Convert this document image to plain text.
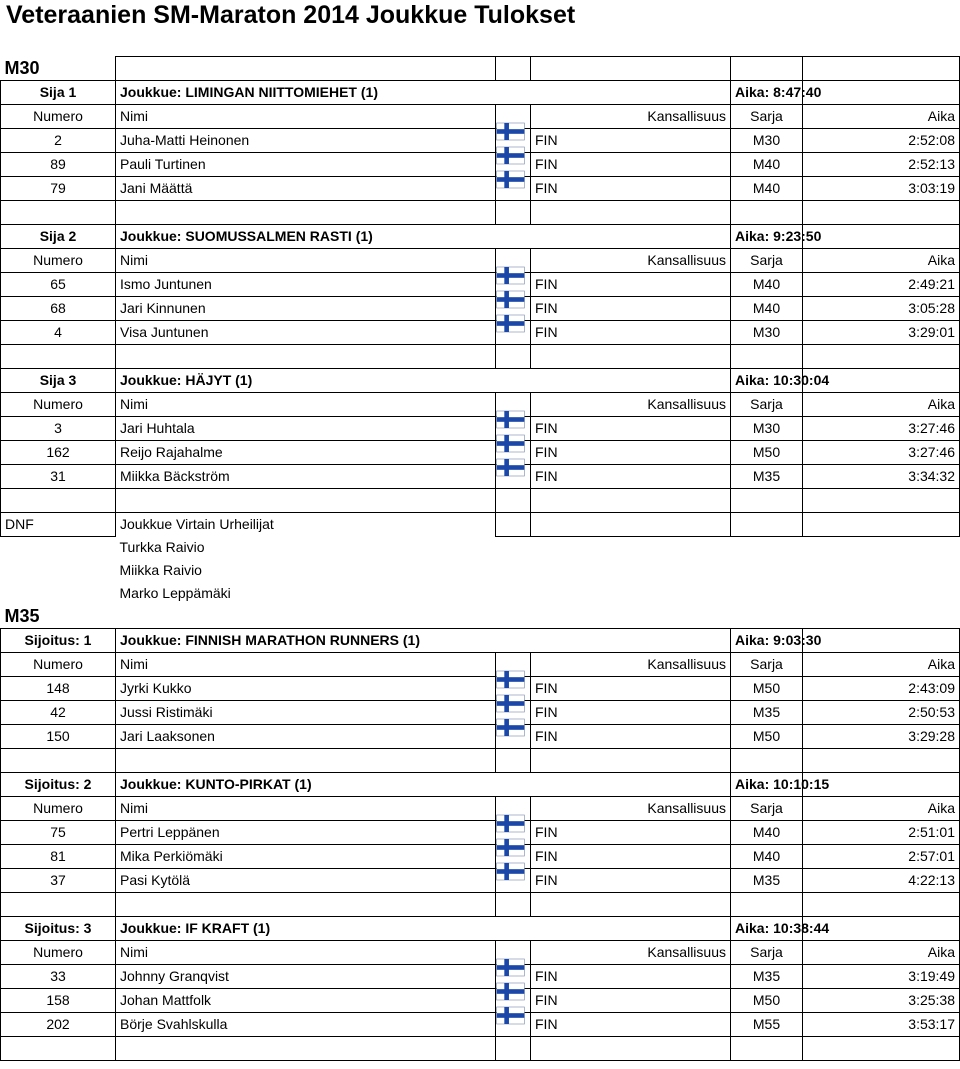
Veteraanien SM-Maraton 2014 Joukkue Tulokset
M30					
Sija 1	Joukkue: LIMINGAN NIITTOMIEHET (1)			Aika: 8:47:40	
Numero	Nimi		Kansallisuus	Sarja	Aika
2	Juha-Matti Heinonen		FIN	M30	2:52:08
89	Pauli Turtinen		FIN	M40	2:52:13
79	Jani Määttä		FIN	M40	3:03:19

Sija 2	Joukkue: SUOMUSSALMEN RASTI (1)			Aika: 9:23:50	
Numero	Nimi		Kansallisuus	Sarja	Aika
65	Ismo Juntunen		FIN	M40	2:49:21
68	Jari Kinnunen		FIN	M40	3:05:28
4	Visa Juntunen		FIN	M30	3:29:01

Sija 3	Joukkue: HÄJYT (1)			Aika: 10:30:04	
Numero	Nimi		Kansallisuus	Sarja	Aika
3	Jari Huhtala		FIN	M30	3:27:46
162	Reijo Rajahalme		FIN	M50	3:27:46
31	Miikka Bäckström		FIN	M35	3:34:32

DNF	Joukkue Virtain Urheilijat				
	Turkka Raivio				
	Miikka Raivio				
	Marko Leppämäki				
M35					
Sijoitus: 1	Joukkue: FINNISH MARATHON RUNNERS (1)			Aika: 9:03:30	
Numero	Nimi		Kansallisuus	Sarja	Aika
148	Jyrki Kukko		FIN	M50	2:43:09
42	Jussi Ristimäki		FIN	M35	2:50:53
150	Jari Laaksonen		FIN	M50	3:29:28

Sijoitus: 2	Joukkue: KUNTO-PIRKAT (1)			Aika: 10:10:15	
Numero	Nimi		Kansallisuus	Sarja	Aika
75	Pertri Leppänen		FIN	M40	2:51:01
81	Mika Perkiömäki		FIN	M40	2:57:01
37	Pasi Kytölä		FIN	M35	4:22:13

Sijoitus: 3	Joukkue: IF KRAFT (1)			Aika: 10:38:44	
Numero	Nimi		Kansallisuus	Sarja	Aika
33	Johnny Granqvist		FIN	M35	3:19:49
158	Johan Mattfolk		FIN	M50	3:25:38
202	Börje Svahlskulla		FIN	M55	3:53:17
